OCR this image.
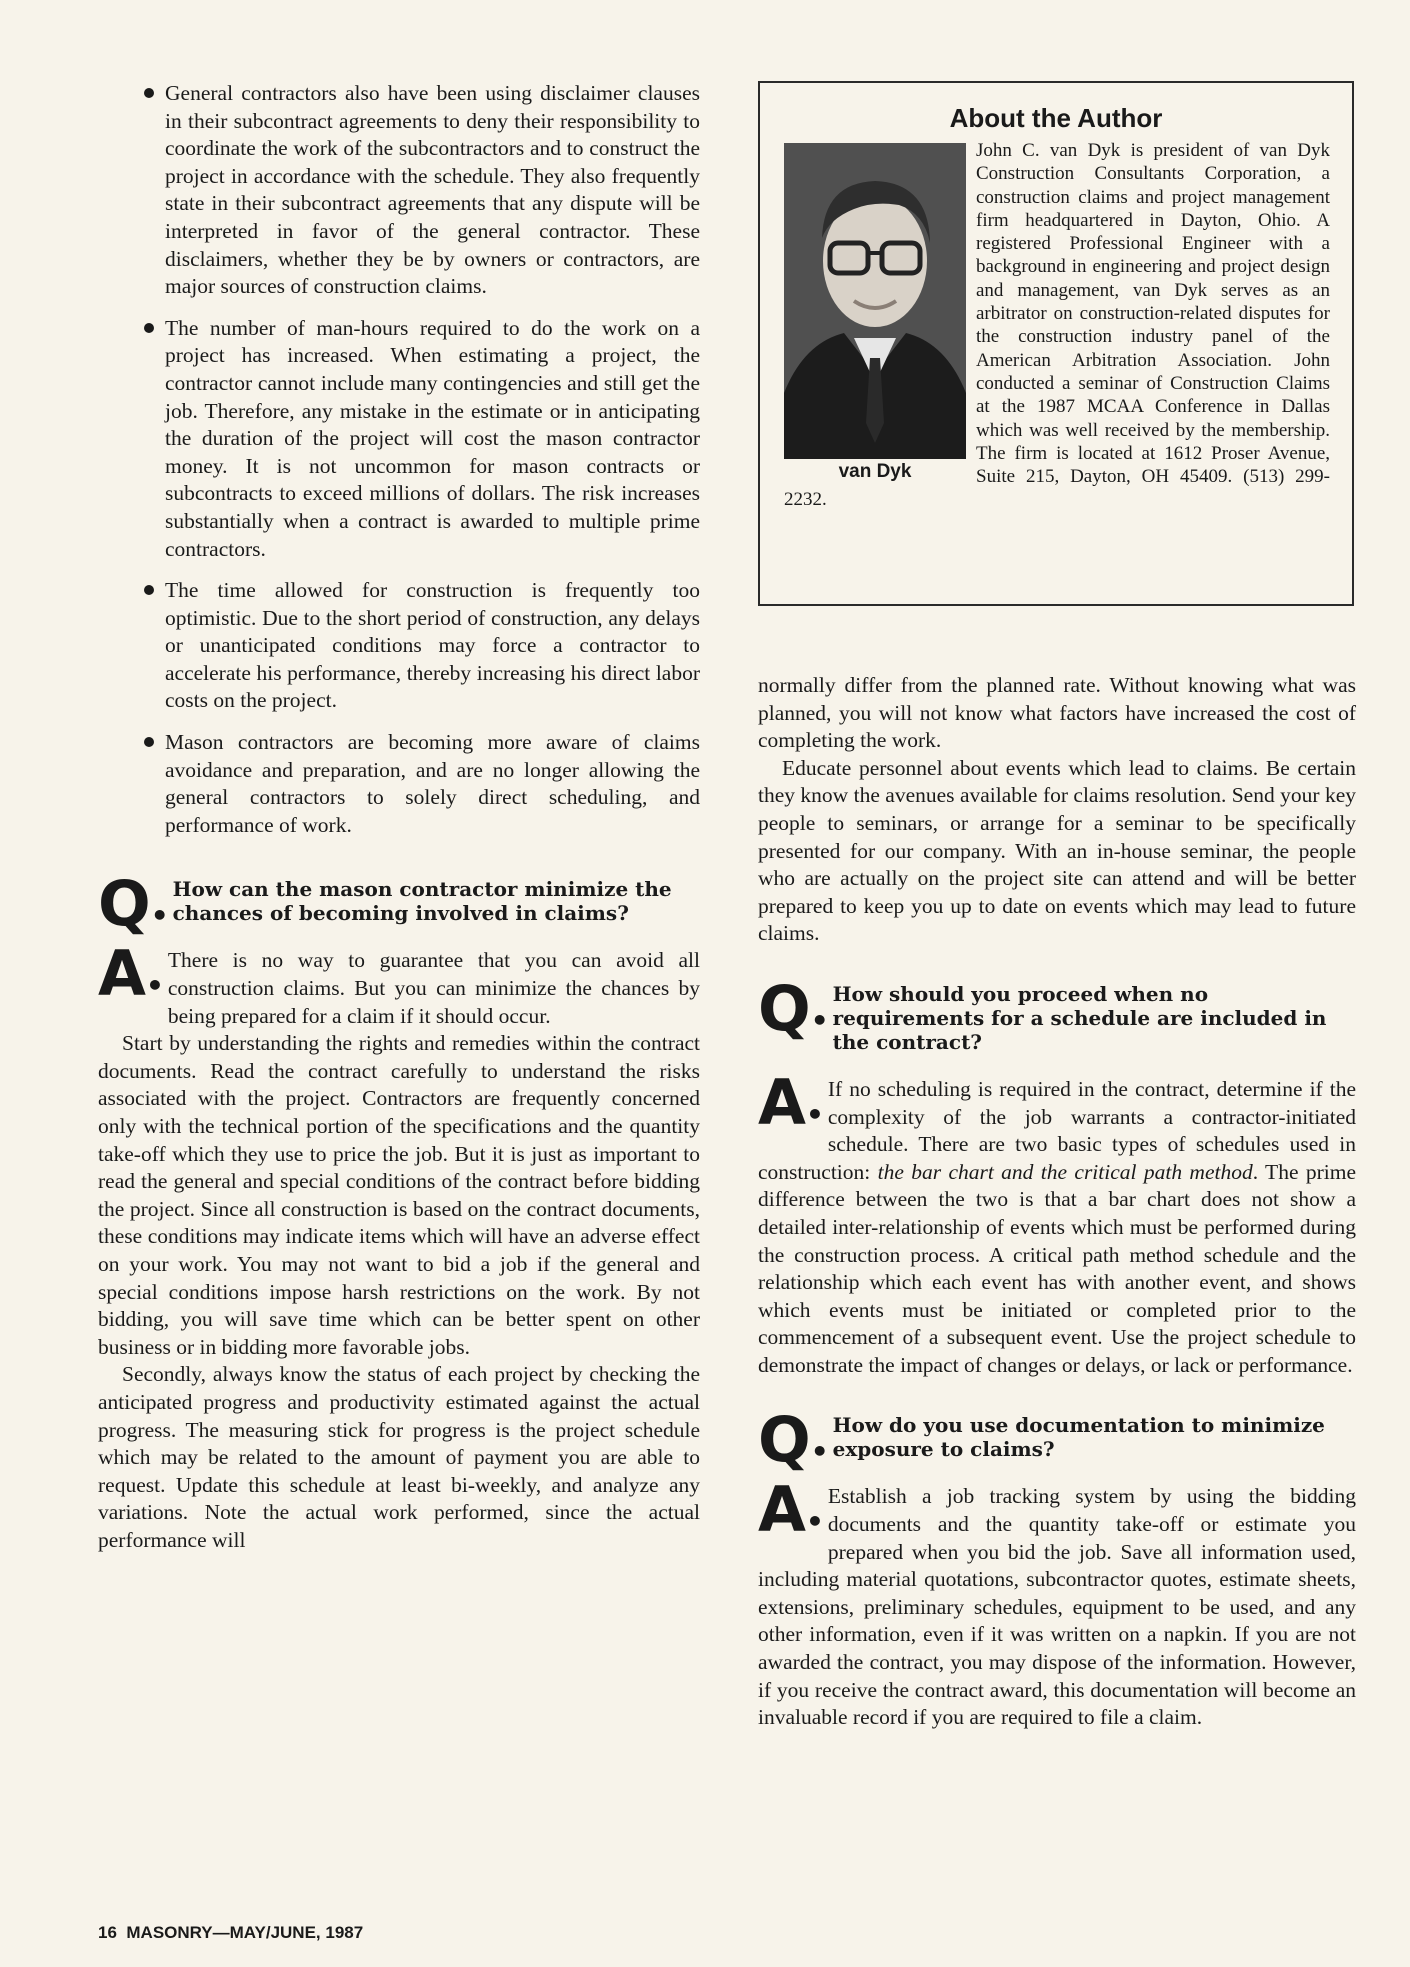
General contractors also have been using disclaimer clauses in their subcontract agreements to deny their responsibility to coordinate the work of the subcontractors and to construct the project in accordance with the schedule. They also frequently state in their subcontract agreements that any dispute will be interpreted in favor of the general contractor. These disclaimers, whether they be by owners or contractors, are major sources of construction claims.
The number of man-hours required to do the work on a project has increased. When estimating a project, the contractor cannot include many contingencies and still get the job. Therefore, any mistake in the estimate or in anticipating the duration of the project will cost the mason contractor money. It is not uncommon for mason contracts or subcontracts to exceed millions of dollars. The risk increases substantially when a contract is awarded to multiple prime contractors.
The time allowed for construction is frequently too optimistic. Due to the short period of construction, any delays or unanticipated conditions may force a contractor to accelerate his performance, thereby increasing his direct labor costs on the project.
Mason contractors are becoming more aware of claims avoidance and preparation, and are no longer allowing the general contractors to solely direct scheduling, and performance of work.
Q•
How can the mason contractor minimize the chances of becoming involved in claims?

A•
There is no way to guarantee that you can avoid all construction claims. But you can minimize the chances by being prepared for a claim if it should occur.

Start by understanding the rights and remedies within the contract documents. Read the contract carefully to understand the risks associated with the project. Contractors are frequently concerned only with the technical portion of the specifications and the quantity take-off which they use to price the job. But it is just as important to read the general and special conditions of the contract before bidding the project. Since all construction is based on the contract documents, these conditions may indicate items which will have an adverse effect on your work. You may not want to bid a job if the general and special conditions impose harsh restrictions on the work. By not bidding, you will save time which can be better spent on other business or in bidding more favorable jobs.

Secondly, always know the status of each project by checking the anticipated progress and productivity estimated against the actual progress. The measuring stick for progress is the project schedule which may be related to the amount of payment you are able to request. Update this schedule at least bi-weekly, and analyze any variations. Note the actual work performed, since the actual performance will

About the Author
van Dyk
John C. van Dyk is president of van Dyk Construction Consultants Corporation, a construction claims and project management firm headquartered in Dayton, Ohio. A registered Professional Engineer with a background in engineering and project design and management, van Dyk serves as an arbitrator on construction-related disputes for the construction industry panel of the American Arbitration Association. John conducted a seminar of Construction Claims at the 1987 MCAA Conference in Dallas which was well received by the membership. The firm is located at 1612 Proser Avenue, Suite 215, Dayton, OH 45409. (513) 299-2232.

normally differ from the planned rate. Without knowing what was planned, you will not know what factors have increased the cost of completing the work.

Educate personnel about events which lead to claims. Be certain they know the avenues available for claims resolution. Send your key people to seminars, or arrange for a seminar to be specifically presented for our company. With an in-house seminar, the people who are actually on the project site can attend and will be better prepared to keep you up to date on events which may lead to future claims.

Q•
How should you proceed when no requirements for a schedule are included in the contract?

A•
If no scheduling is required in the contract, determine if the complexity of the job warrants a contractor-initiated schedule. There are two basic types of schedules used in construction: the bar chart and the critical path method. The prime difference between the two is that a bar chart does not show a detailed inter-relationship of events which must be performed during the construction process. A critical path method schedule and the relationship which each event has with another event, and shows which events must be initiated or completed prior to the commencement of a subsequent event. Use the project schedule to demonstrate the impact of changes or delays, or lack or performance.

Q•
How do you use documentation to minimize exposure to claims?

A•
Establish a job tracking system by using the bidding documents and the quantity take-off or estimate you prepared when you bid the job. Save all information used, including material quotations, subcontractor quotes, estimate sheets, extensions, preliminary schedules, equipment to be used, and any other information, even if it was written on a napkin. If you are not awarded the contract, you may dispose of the information. However, if you receive the contract award, this documentation will become an invaluable record if you are required to file a claim.

16 MASONRY—MAY/JUNE, 1987
